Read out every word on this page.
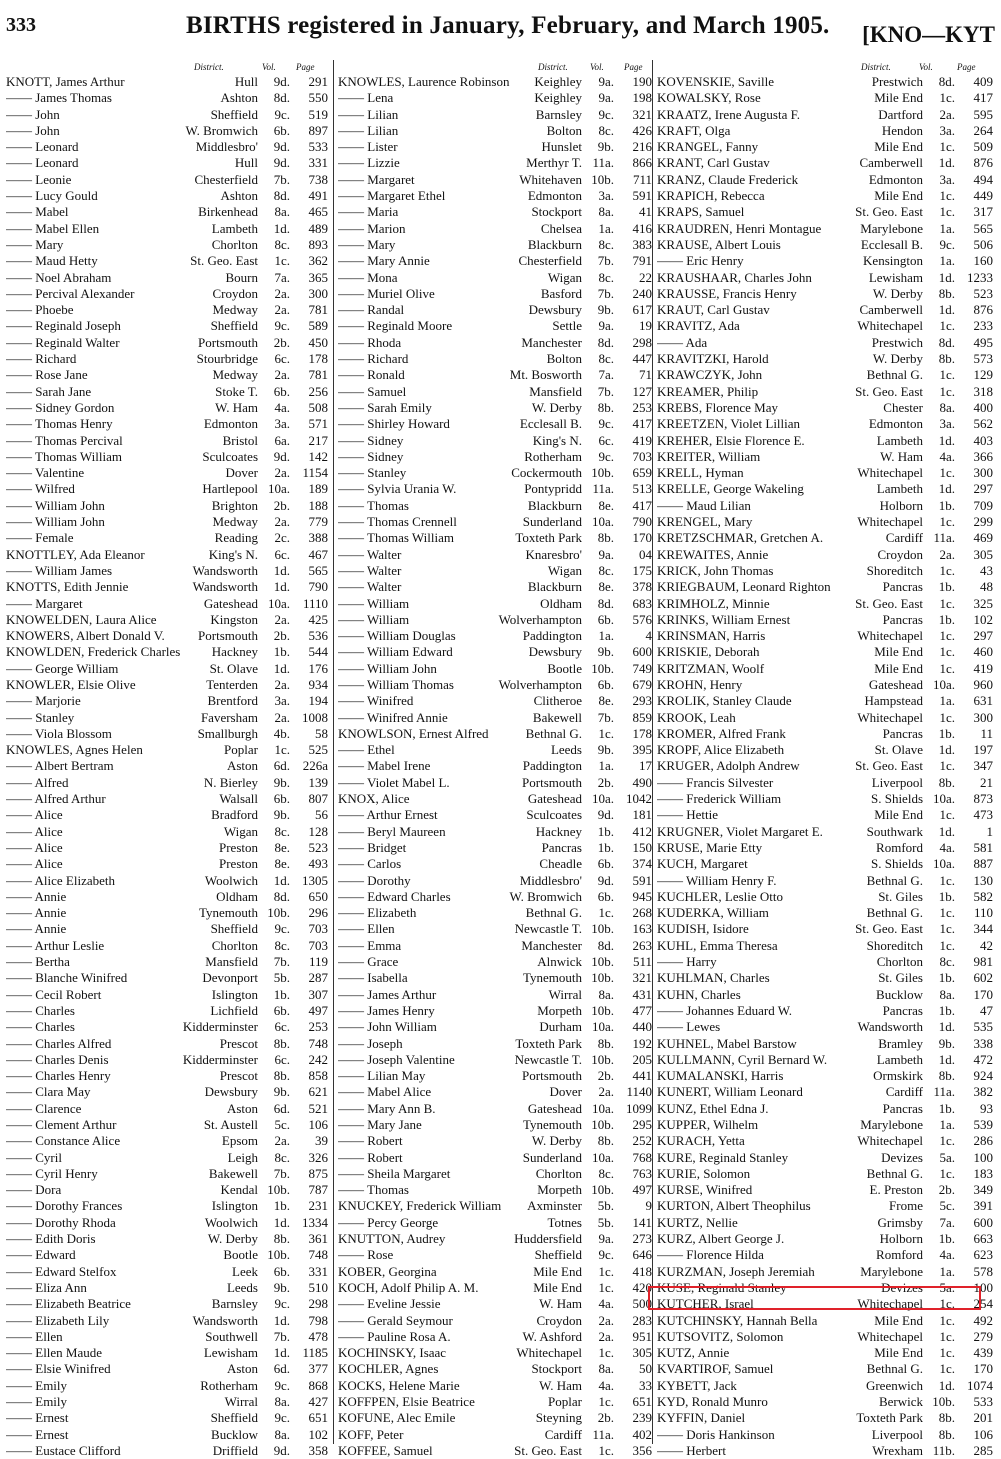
333	BIRTHS registered in January, February, and March 1905. [KNO—KYT
District.	Vol. Page
KNOTT, James Arthur	Hull	9d.	291
—— James Thomas	Ashton	8d.	550
—— John	Sheffield	9c.	519
—— John	W. Bromwich	6b.	897
—— Leonard	Middlesbro'	9d.	533
—— Leonard	Hull	9d.	331
—— Leonie	Chesterfield	7b.	738
—— Lucy Gould	Ashton	8d.	491
—— Mabel	Birkenhead	8a.	465
—— Mabel Ellen	Lambeth	1d.	489
—— Mary	Chorlton	8c.	893
—— Maud Hetty	St. Geo. East	1c.	362
—— Noel Abraham	Bourn	7a.	365
—— Percival Alexander	Croydon	2a.	300
—— Phoebe	Medway	2a.	781
—— Reginald Joseph	Sheffield	9c.	589
—— Reginald Walter	Portsmouth	2b.	450
—— Richard	Stourbridge	6c.	178
—— Rose Jane	Medway	2a.	781
—— Sarah Jane	Stoke T.	6b.	256
—— Sidney Gordon	W. Ham	4a.	508
—— Thomas Henry	Edmonton	3a.	571
—— Thomas Percival	Bristol	6a.	217
—— Thomas William	Sculcoates	9d.	142
—— Valentine	Dover	2a. 1154
—— Wilfred	Hartlepool 10a.	189
—— William John	Brighton	2b.	188
—— William John	Medway	2a.	779
—— Female	Reading	2c.	388
KNOTTLEY, Ada Eleanor	King's N.	6c.	467
—— William James	Wandsworth	1d.	565
KNOTTS, Edith Jennie	Wandsworth	1d.	790
—— Margaret	Gateshead 10a. 1110
KNOWELDEN, Laura Alice	Kingston	2a.	425
KNOWERS, Albert Donald V.	Portsmouth	2b.	536
KNOWLDEN, Frederick Charles	Hackney	1b.	544
—— George William	St. Olave	1d.	176
KNOWLER, Elsie Olive	Tenterden	2a.	934
—— Marjorie	Brentford	3a.	194
—— Stanley	Faversham	2a. 1008
—— Viola Blossom	Smallburgh	4b.	58
KNOWLES, Agnes Helen	Poplar	1c.	525
—— Albert Bertram	Aston	6d. 226a
—— Alfred	N. Bierley	9b.	139
—— Alfred Arthur	Walsall	6b.	807
—— Alice	Bradford	9b.	56
—— Alice	Wigan	8c.	128
—— Alice	Preston	8e.	523
—— Alice	Preston	8e.	493
—— Alice Elizabeth	Woolwich	1d. 1305
—— Annie	Oldham	8d.	650
—— Annie	Tynemouth 10b.	296
—— Annie	Sheffield	9c.	703
—— Arthur Leslie	Chorlton	8c.	703
—— Bertha	Mansfield	7b.	119
—— Blanche Winifred	Devonport	5b.	287
—— Cecil Robert	Islington	1b.	307
—— Charles	Lichfield	6b.	497
—— Charles	Kidderminster	6c.	253
—— Charles Alfred	Prescot	8b.	748
—— Charles Denis	Kidderminster	6c.	242
—— Charles Henry	Prescot	8b.	858
—— Clara May	Dewsbury	9b.	621
—— Clarence	Aston	6d.	521
—— Clement Arthur	St. Austell	5c.	106
—— Constance Alice	Epsom	2a.	39
—— Cyril	Leigh	8c.	326
—— Cyril Henry	Bakewell	7b.	875
—— Dora	Kendal 10b.	787
—— Dorothy Frances	Islington	1b.	231
—— Dorothy Rhoda	Woolwich	1d. 1334
—— Edith Doris	W. Derby	8b.	361
—— Edward	Bootle 10b.	748
—— Edward Stelfox	Leek	6b.	331
—— Eliza Ann	Leeds	9b.	510
—— Elizabeth Beatrice	Barnsley	9c.	298
—— Elizabeth Lily	Wandsworth	1d.	798
—— Ellen	Southwell	7b.	478
—— Ellen Maude	Lewisham	1d. 1185
—— Elsie Winifred	Aston	6d.	377
—— Emily	Rotherham	9c.	868
—— Emily	Wirral	8a.	427
—— Ernest	Sheffield	9c.	651
—— Ernest	Bucklow	8a.	102
—— Eustace Clifford	Driffield	9d.	358
District. Vol. Page
KNOWLES, Laurence Robinson	Keighley	9a.	190
—— Lena	Keighley	9a.	198
—— Lilian	Barnsley	9c.	321
—— Lilian	Bolton	8c.	426
—— Lister	Hunslet	9b.	216
—— Lizzie	Merthyr T. 11a.	866
—— Margaret	Whitehaven 10b.	711
—— Margaret Ethel	Edmonton	3a.	591
—— Maria	Stockport	8a.	41
—— Marion	Chelsea	1a.	416
—— Mary	Blackburn	8c.	383
—— Mary Annie	Chesterfield	7b.	791
—— Mona	Wigan	8c.	22
—— Muriel Olive	Basford	7b.	240
—— Randal	Dewsbury	9b.	617
—— Reginald Moore	Settle	9a.	19
—— Rhoda	Manchester	8d.	298
—— Richard	Bolton	8c.	447
—— Ronald	Mt. Bosworth	7a.	71
—— Samuel	Mansfield	7b.	127
—— Sarah Emily	W. Derby	8b.	253
—— Shirley Howard	Ecclesall B.	9c.	417
—— Sidney	King's N.	6c.	419
—— Sidney	Rotherham	9c.	703
—— Stanley	Cockermouth 10b.	659
—— Sylvia Urania W.	Pontypridd 11a.	513
—— Thomas	Blackburn	8e.	417
—— Thomas Crennell	Sunderland 10a.	790
—— Thomas William	Toxteth Park	8b.	170
—— Walter	Knaresbro'	9a.	04
—— Walter	Wigan	8c.	175
—— Walter	Blackburn	8e.	378
—— William	Oldham	8d.	683
—— William	Wolverhampton	6b.	576
—— William Douglas	Paddington	1a.	4
—— William Edward	Dewsbury	9b.	600
—— William John	Bootle 10b.	749
—— William Thomas	Wolverhampton	6b.	679
—— Winifred	Clitheroe	8e.	293
—— Winifred Annie	Bakewell	7b.	859
KNOWLSON, Ernest Alfred	Bethnal G.	1c.	178
—— Ethel	Leeds	9b.	395
—— Mabel Irene	Paddington	1a.	17
—— Violet Mabel L.	Portsmouth	2b.	490
KNOX, Alice	Gateshead 10a. 1042
—— Arthur Ernest	Sculcoates	9d.	181
—— Beryl Maureen	Hackney	1b.	412
—— Bridget	Pancras	1b.	150
—— Carlos	Cheadle	6b.	374
—— Dorothy	Middlesbro'	9d.	591
—— Edward Charles	W. Bromwich	6b.	945
—— Elizabeth	Bethnal G.	1c.	268
—— Ellen	Newcastle T. 10b.	163
—— Emma	Manchester	8d.	263
—— Grace	Alnwick 10b.	511
—— Isabella	Tynemouth 10b.	321
—— James Arthur	Wirral	8a.	431
—— James Henry	Morpeth 10b.	477
—— John William	Durham 10a.	440
—— Joseph	Toxteth Park	8b.	192
—— Joseph Valentine	Newcastle T. 10b.	205
—— Lilian May	Portsmouth	2b.	441
—— Mabel Alice	Dover	2a. 1140
—— Mary Ann B.	Gateshead 10a. 1099
—— Mary Jane	Tynemouth 10b.	295
—— Robert	W. Derby	8b.	252
—— Robert	Sunderland 10a.	768
—— Sheila Margaret	Chorlton	8c.	763
—— Thomas	Morpeth 10b.	497
KNUCKEY, Frederick William	Axminster	5b.	9
—— Percy George	Totnes	5b.	141
KNUTTON, Audrey	Huddersfield	9a.	273
—— Rose	Sheffield	9c.	646
KOBER, Georgina	Mile End	1c.	418
KOCH, Adolf Philip A. M.	Mile End	1c.	420
—— Eveline Jessie	W. Ham	4a.	500
—— Gerald Seymour	Croydon	2a.	283
—— Pauline Rosa A.	W. Ashford	2a.	951
KOCHINSKY, Isaac	Whitechapel	1c.	305
KOCHLER, Agnes	Stockport	8a.	50
KOCKS, Helene Marie	W. Ham	4a.	33
KOFFPEN, Elsie Beatrice	Poplar	1c.	651
KOFUNE, Alec Emile	Steyning	2b.	239
KOFF, Peter	Cardiff 11a.	402
KOFFEE, Samuel	St. Geo. East	1c.	356
District.	Vol.	Page
KOVENSKIE, Saville	Prestwich	8d.	409
KOWALSKY, Rose	Mile End	1c.	417
KRAATZ, Irene Augusta F.	Dartford	2a.	595
KRAFT, Olga	Hendon	3a.	264
KRANGEL, Fanny	Mile End	1c.	509
KRANT, Carl Gustav	Camberwell	1d.	876
KRANZ, Claude Frederick	Edmonton	3a.	494
KRAPICH, Rebecca	Mile End	1c.	449
KRAPS, Samuel	St. Geo. East	1c.	317
KRAUDREN, Henri Montague	Marylebone	1a.	565
KRAUSE, Albert Louis	Ecclesall B.	9c.	506
—— Eric Henry	Kensington	1a.	160
KRAUSHAAR, Charles John	Lewisham	1d. 1233
KRAUSSE, Francis Henry	W. Derby	8b.	523
KRAUT, Carl Gustav	Camberwell	1d.	876
KRAVITZ, Ada	Whitechapel	1c.	233
—— Ada	Prestwich	8d.	495
KRAVITZKI, Harold	W. Derby	8b.	573
KRAWCZYK, John	Bethnal G.	1c.	129
KREAMER, Philip	St. Geo. East	1c.	318
KREBS, Florence May	Chester	8a.	400
KREETZEN, Violet Lillian	Edmonton	3a.	562
KREHER, Elsie Florence E.	Lambeth	1d.	403
KREITER, William	W. Ham	4a.	366
KRELL, Hyman	Whitechapel	1c.	300
KRELLE, George Wakeling	Lambeth	1d.	297
—— Maud Lilian	Holborn	1b.	709
KRENGEL, Mary	Whitechapel	1c.	299
KRETZSCHMAR, Gretchen A.	Cardiff 11a.	469
KREWAITES, Annie	Croydon	2a.	305
KRICK, John Thomas	Shoreditch	1c.	43
KRIEGBAUM, Leonard Righton	Pancras	1b.	48
KRIMHOLZ, Minnie	St. Geo. East	1c.	325
KRINKS, William Ernest	Pancras	1b.	102
KRINSMAN, Harris	Whitechapel	1c.	297
KRISKIE, Deborah	Mile End	1c.	460
KRITZMAN, Woolf	Mile End	1c.	419
KROHN, Henry	Gateshead 10a.	960
KROLIK, Stanley Claude	Hampstead	1a.	631
KROOK, Leah	Whitechapel	1c.	300
KROMER, Alfred Frank	Pancras	1b.	11
KROPF, Alice Elizabeth	St. Olave	1d.	197
KRUGER, Adolph Andrew	St. Geo. East	1c.	347
—— Francis Silvester	Liverpool	8b.	21
—— Frederick William	S. Shields 10a.	873
—— Hettie	Mile End	1c.	473
KRUGNER, Violet Margaret E.	Southwark	1d.	1
KRUSE, Marie Etty	Romford	4a.	581
KUCH, Margaret	S. Shields 10a.	887
—— William Henry F.	Bethnal G.	1c.	130
KUCHLER, Leslie Otto	St. Giles	1b.	582
KUDERKA, William	Bethnal G.	1c.	110
KUDISH, Isidore	St. Geo. East	1c.	344
KUHL, Emma Theresa	Shoreditch	1c.	42
—— Harry	Chorlton	8c.	981
KUHLMAN, Charles	St. Giles	1b.	602
KUHN, Charles	Bucklow	8a.	170
—— Johannes Eduard W.	Pancras	1b.	47
—— Lewes	Wandsworth	1d.	535
KUHNEL, Mabel Barstow	Bramley	9b.	338
KULLMANN, Cyril Bernard W.	Lambeth	1d.	472
KUMALANSKI, Harris	Ormskirk	8b.	924
KUNERT, William Leonard	Cardiff 11a.	382
KUNZ, Ethel Edna J.	Pancras	1b.	93
KUPPER, Wilhelm	Marylebone	1a.	539
KURACH, Yetta	Whitechapel	1c.	286
KURE, Reginald Stanley	Devizes	5a.	100
KURIE, Solomon	Bethnal G.	1c.	183
KURSE, Winifred	E. Preston	2b.	349
KURTON, Albert Theophilus	Frome	5c.	391
KURTZ, Nellie	Grimsby	7a.	600
KURZ, Albert George J.	Holborn	1b.	663
—— Florence Hilda	Romford	4a.	623
KURZMAN, Joseph Jeremiah	Marylebone	1a.	578
KUSE, Reginald Stanley	Devizes	5a.	100
KUTCHER, Israel	Whitechapel	1c.	254
KUTCHINSKY, Hannah Bella	Mile End	1c.	492
KUTSOVITZ, Solomon	Whitechapel	1c.	279
KUTZ, Annie	Mile End	1c.	439
KVARTIROF, Samuel	Bethnal G.	1c.	170
KYBETT, Jack	Greenwich	1d. 1074
KYD, Ronald Munro	Berwick 10b.	533
KYFFIN, Daniel	Toxteth Park	8b.	201
—— Doris Hankinson	Liverpool	8b.	106
—— Herbert	Wrexham 11b.	285
